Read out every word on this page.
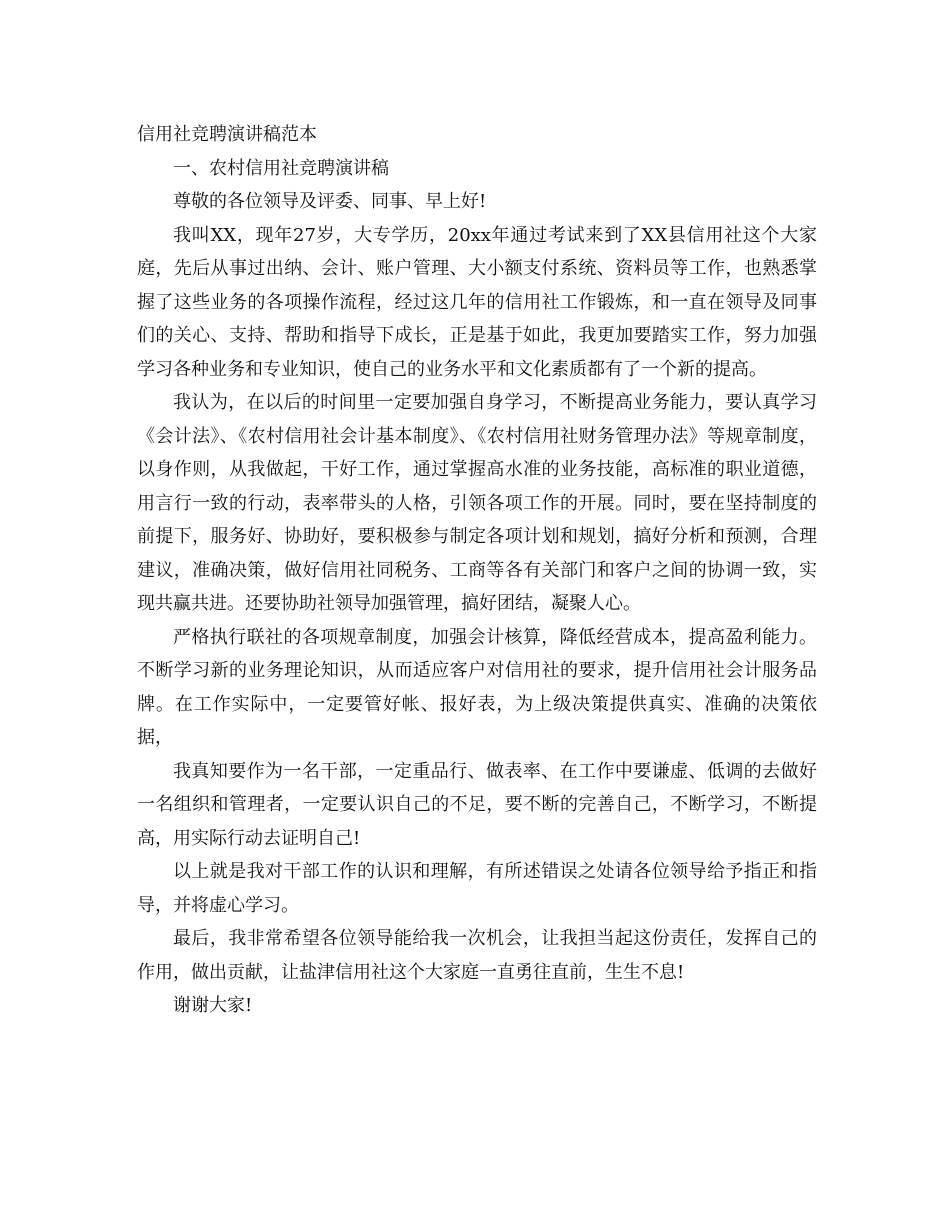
信用社竞聘演讲稿范本

一、农村信用社竞聘演讲稿

尊敬的各位领导及评委、同事、早上好!

我叫XX，现年27岁，大专学历，20xx年通过考试来到了XX县信用社这个大家庭，先后从事过出纳、会计、账户管理、大小额支付系统、资料员等工作，也熟悉掌握了这些业务的各项操作流程，经过这几年的信用社工作锻炼，和一直在领导及同事们的关心、支持、帮助和指导下成长，正是基于如此，我更加要踏实工作，努力加强学习各种业务和专业知识，使自己的业务水平和文化素质都有了一个新的提高。

我认为，在以后的时间里一定要加强自身学习，不断提高业务能力，要认真学习《会计法》、《农村信用社会计基本制度》、《农村信用社财务管理办法》等规章制度，以身作则，从我做起，干好工作，通过掌握高水准的业务技能，高标准的职业道德， 用言行一致的行动，表率带头的人格，引领各项工作的开展。同时，要在坚持制度的前提下，服务好、协助好，要积极参与制定各项计划和规划，搞好分析和预测，合理建议，准确决策，做好信用社同税务、工商等各有关部门和客户之间的协调一致，实现共赢共进。还要协助社领导加强管理，搞好团结，凝聚人心。

严格执行联社的各项规章制度，加强会计核算，降低经营成本，提高盈利能力。不断学习新的业务理论知识，从而适应客户对信用社的要求，提升信用社会计服务品牌。在工作实际中，一定要管好帐、报好表，为上级决策提供真实、准确的决策依据，

我真知要作为一名干部，一定重品行、做表率、在工作中要谦虚、低调的去做好一名组织和管理者，一定要认识自己的不足，要不断的完善自己，不断学习，不断提高，用实际行动去证明自己!

以上就是我对干部工作的认识和理解，有所述错误之处请各位领导给予指正和指导，并将虚心学习。

最后，我非常希望各位领导能给我一次机会，让我担当起这份责任，发挥自己的作用，做出贡献，让盐津信用社这个大家庭一直勇往直前，生生不息!

谢谢大家!
